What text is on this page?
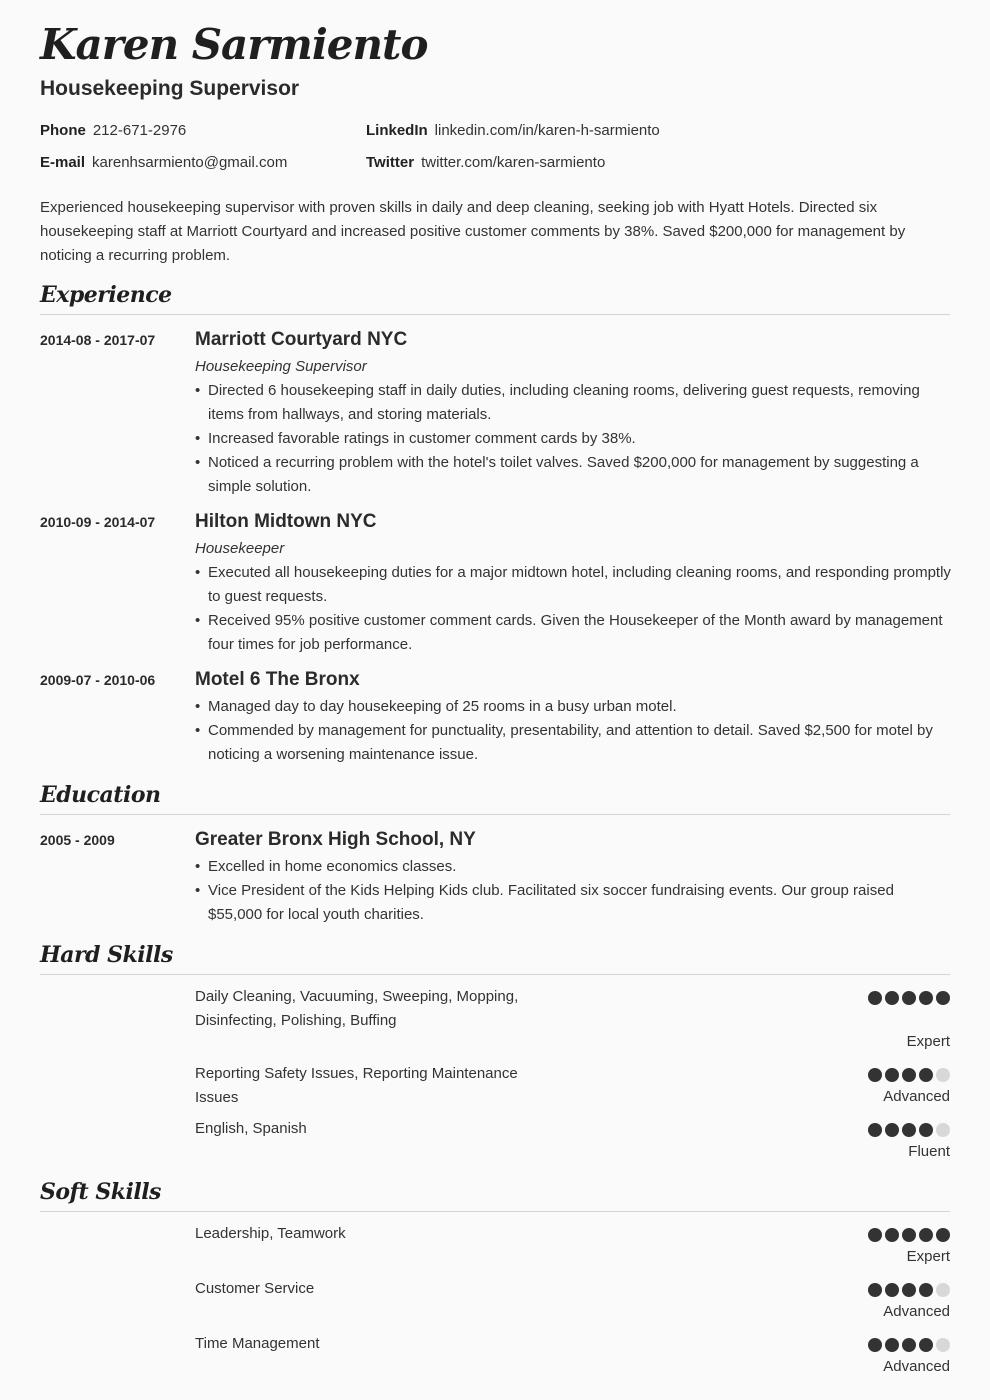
Karen Sarmiento
Housekeeping Supervisor
Phone 212-671-2976
E-mail karenhsarmiento@gmail.com
LinkedIn linkedin.com/in/karen-h-sarmiento
Twitter twitter.com/karen-sarmiento
Experienced housekeeping supervisor with proven skills in daily and deep cleaning, seeking job with Hyatt Hotels. Directed six housekeeping staff at Marriott Courtyard and increased positive customer comments by 38%. Saved $200,000 for management by noticing a recurring problem.
Experience
2014-08 - 2017-07 Marriott Courtyard NYC
Housekeeping Supervisor
• Directed 6 housekeeping staff in daily duties, including cleaning rooms, delivering guest requests, removing items from hallways, and storing materials.
• Increased favorable ratings in customer comment cards by 38%.
• Noticed a recurring problem with the hotel's toilet valves. Saved $200,000 for management by suggesting a simple solution.
2010-09 - 2014-07 Hilton Midtown NYC
Housekeeper
• Executed all housekeeping duties for a major midtown hotel, including cleaning rooms, and responding promptly to guest requests.
• Received 95% positive customer comment cards. Given the Housekeeper of the Month award by management four times for job performance.
2009-07 - 2010-06 Motel 6 The Bronx
• Managed day to day housekeeping of 25 rooms in a busy urban motel.
• Commended by management for punctuality, presentability, and attention to detail. Saved $2,500 for motel by noticing a worsening maintenance issue.
Education
2005 - 2009	Greater Bronx High School, NY
• Excelled in home economics classes.
• Vice President of the Kids Helping Kids club. Facilitated six soccer fundraising events. Our group raised $55,000 for local youth charities.
Hard Skills
Daily Cleaning, Vacuuming, Sweeping, Mopping, Disinfecting, Polishing, Buffing
Expert
Reporting Safety Issues, Reporting Maintenance Issues	Advanced
English, Spanish
Fluent
Soft Skills
Leadership, Teamwork
Expert
Customer Service
Advanced
Time Management
Advanced
